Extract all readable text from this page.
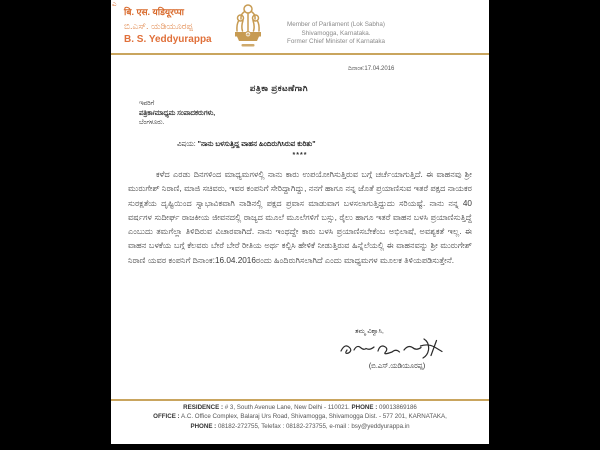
ಎ
बि. एस. यडियूरप्पा
ಬಿ.ಎಸ್. ಯಡಿಯೂರಪ್ಪ
B. S. Yeddyurappa
Member of Parliament (Lok Sabha)
Shivamogga, Karnataka.
Former Chief Minister of Karnataka
ದಿನಾಂಕ:17.04.2016
ಪತ್ರಿಕಾ ಪ್ರಕಟಣೆಗಾಗಿ
ಇವರಿಗೆ
ಪತ್ರಿಕಾ/ಮಾಧ್ಯಮ ಸಂಪಾದಕರುಗಳು,
ಬೆಂಗಳೂರು.
ವಿಷಯ: "ನಾನು ಬಳಸುತ್ತಿದ್ದ ವಾಹನ ಹಿಂದಿರುಗಿಸಿರುವ ಕುರಿತು"
****
ಕಳೆದ ಎರಡು ದಿನಗಳಿಂದ ಮಾಧ್ಯಮಗಳಲ್ಲಿ ನಾನು ಕಾರು ಉಪಯೋಗಿಸುತ್ತಿರುವ ಬಗ್ಗೆ ಚರ್ಚೆಯಾಗುತ್ತಿದೆ. ಈ ವಾಹನವು ಶ್ರೀ ಮುರುಗೇಶ್ ನಿರಾಣಿ, ಮಾಜಿ ಸಚಿವರು, ಇವರ ಕಂಪನಿಗೆ ಸೇರಿದ್ದಾಗಿದ್ದು, ನನಗೆ ಹಾಗೂ ನನ್ನ ಜೊತೆ ಪ್ರಯಾಣಿಸುವ ಇತರೆ ಪಕ್ಷದ ನಾಯಕರ ಸುರಕ್ಷತೆಯ ದೃಷ್ಟಿಯಿಂದ ಸ್ವಾಭಾವಿಕವಾಗಿ ನಾಡಿನಲ್ಲಿ ಪಕ್ಷದ ಪ್ರವಾಸ ಮಾಡುವಾಗ ಬಳಸಲಾಗುತ್ತಿದ್ದುದು ಸರಿಯಷ್ಟೆ. ನಾನು ನನ್ನ 40 ವರ್ಷಗಳ ಸುದೀರ್ಘ ರಾಜಕೀಯ ಜೀವನದಲ್ಲಿ ರಾಜ್ಯದ ಮೂಲೆ ಮೂಲೆಗಳಿಗೆ ಬಸ್ಸು, ರೈಲು ಹಾಗೂ ಇತರೆ ವಾಹನ ಬಳಸಿ ಪ್ರಯಾಣಿಸುತ್ತಿದ್ದೆ ಎಂಬುದು ತಮಗೆಲ್ಲಾ ತಿಳಿದಿರುವ ವಿಚಾರವಾಗಿದೆ. ನಾನು ಇಂಥದ್ದೇ ಕಾರು ಬಳಸಿ ಪ್ರಯಾಣಿಸಬೇಕೆಂಬ ಅಭಿಲಾಷೆ, ಅವಶ್ಯಕತೆ ಇಲ್ಲ. ಈ ವಾಹನ ಬಳಕೆಯ ಬಗ್ಗೆ ಕೆಲವರು ಬೇರೆ ಬೇರೆ ರೀತಿಯ ಅರ್ಥ ಕಲ್ಪಿಸಿ ಹೇಳಿಕೆ ನೀಡುತ್ತಿರುವ ಹಿನ್ನೆಲೆಯಲ್ಲಿ ಈ ವಾಹನವನ್ನು ಶ್ರೀ ಮುರುಗೇಶ್ ನಿರಾಣಿ ಯವರ ಕಂಪನಿಗೆ ದಿನಾಂಕ:16.04.2016ರಂದು ಹಿಂದಿರುಗಿಸಲಾಗಿದೆ ಎಂದು ಮಾಧ್ಯಮಗಳ ಮೂಲಕ ತಿಳಿಯಪಡಿಸುತ್ತೇನೆ.
ತಮ್ಮ ವಿಶ್ವಾಸಿ,
(ಬಿ.ಎಸ್.ಯಡಿಯೂರಪ್ಪ)
RESIDENCE : # 3, South Avenue Lane, New Delhi - 110021. PHONE : 09013869186
OFFICE : A.C. Office Complex, Balaraj Urs Road, Shivamogga, Shivamogga Dist. - 577 201, KARNATAKA,
PHONE : 08182-272755, Telefax : 08182-273755, e-mail : bsy@yeddyurappa.in
